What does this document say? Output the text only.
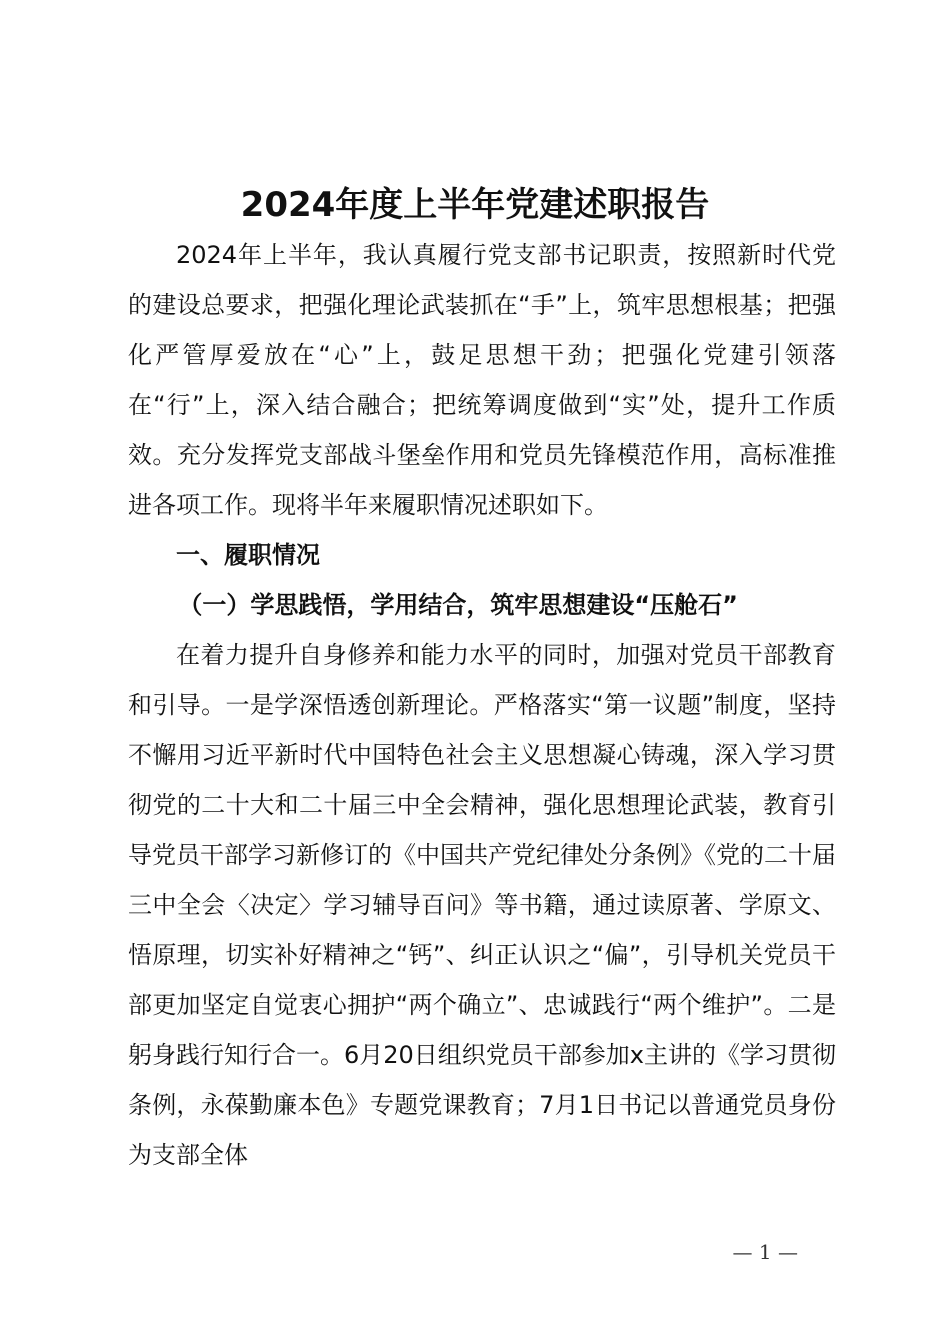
2024年度上半年党建述职报告

2024年上半年，我认真履行党支部书记职责，按照新时代党的建设总要求，把强化理论武装抓在“手”上，筑牢思想根基；把强化严管厚爱放在“心”上，鼓足思想干劲；把强化党建引领落在“行”上，深入结合融合；把统筹调度做到“实”处，提升工作质效。充分发挥党支部战斗堡垒作用和党员先锋模范作用，高标准推进各项工作。现将半年来履职情况述职如下。

一、履职情况

（一）学思践悟，学用结合，筑牢思想建设“压舱石”

在着力提升自身修养和能力水平的同时，加强对党员干部教育和引导。一是学深悟透创新理论。严格落实“第一议题”制度，坚持不懈用习近平新时代中国特色社会主义思想凝心铸魂，深入学习贯彻党的二十大和二十届三中全会精神，强化思想理论武装，教育引导党员干部学习新修订的《中国共产党纪律处分条例》《党的二十届三中全会〈决定〉学习辅导百问》等书籍，通过读原著、学原文、悟原理，切实补好精神之“钙”、纠正认识之“偏”，引导机关党员干部更加坚定自觉衷心拥护“两个确立”、忠诚践行“两个维护”。二是躬身践行知行合一。6月20日组织党员干部参加x主讲的《学习贯彻条例，永葆勤廉本色》专题党课教育；7月1日书记以普通党员身份为支部全体

— 1 —
